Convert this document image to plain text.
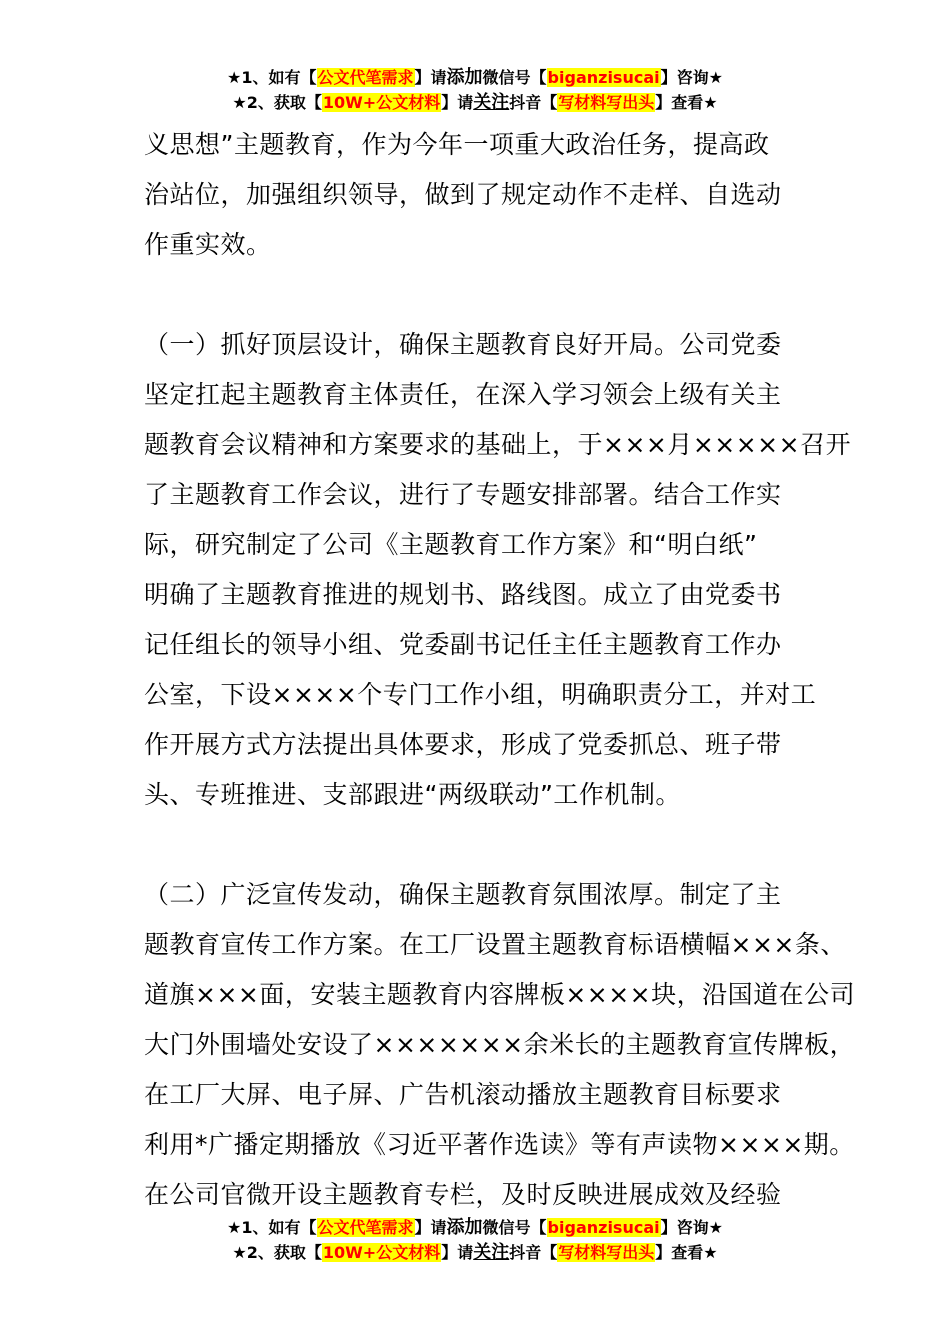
★1、如有【公文代笔需求】请添加微信号【biganzisucai】咨询★
★2、获取【10W+公文材料】请关注抖音【写材料写出头】查看★
义思想”主题教育，作为今年一项重大政治任务，提高政
治站位，加强组织领导，做到了规定动作不走样、自选动
作重实效。
（一）抓好顶层设计，确保主题教育良好开局。公司党委
坚定扛起主题教育主体责任，在深入学习领会上级有关主
题教育会议精神和方案要求的基础上，于×××月×××××召开
了主题教育工作会议，进行了专题安排部署。结合工作实
际，研究制定了公司《主题教育工作方案》和“明白纸”
明确了主题教育推进的规划书、路线图。成立了由党委书
记任组长的领导小组、党委副书记任主任主题教育工作办
公室，下设××××个专门工作小组，明确职责分工，并对工
作开展方式方法提出具体要求，形成了党委抓总、班子带
头、专班推进、支部跟进“两级联动”工作机制。
（二）广泛宣传发动，确保主题教育氛围浓厚。制定了主
题教育宣传工作方案。在工厂设置主题教育标语横幅×××条、
道旗×××面，安装主题教育内容牌板××××块，沿国道在公司
大门外围墙处安设了×××××××余米长的主题教育宣传牌板，
在工厂大屏、电子屏、广告机滚动播放主题教育目标要求
利用*广播定期播放《习近平著作选读》等有声读物××××期。
在公司官微开设主题教育专栏，及时反映进展成效及经验
★1、如有【公文代笔需求】请添加微信号【biganzisucai】咨询★
★2、获取【10W+公文材料】请关注抖音【写材料写出头】查看★
